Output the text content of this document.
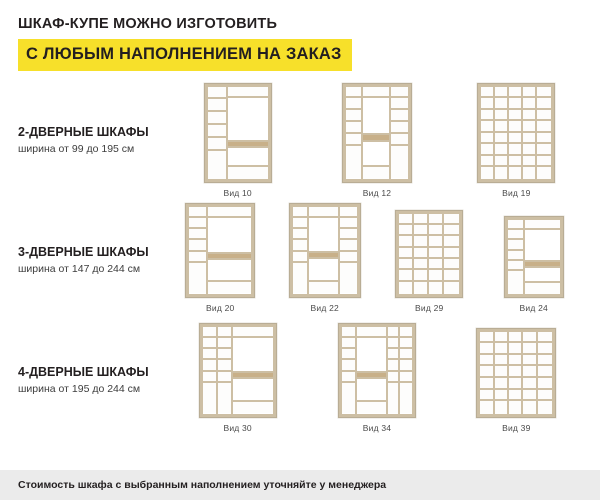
ШКАФ-КУПЕ МОЖНО ИЗГОТОВИТЬ
С ЛЮБЫМ НАПОЛНЕНИЕМ НА ЗАКАЗ
2-ДВЕРНЫЕ ШКАФЫ
ширина от 99 до 195 см
Вид 10	Вид 12	Вид 19
3-ДВЕРНЫЕ ШКАФЫ
ширина от 147 до 244 см
Вид 20	Вид 22	Вид 29	Вид 24
4-ДВЕРНЫЕ ШКАФЫ
ширина от 195 до 244 см
Вид 30	Вид 34	Вид 39
Стоимость шкафа с выбранным наполнением уточняйте у менеджера
